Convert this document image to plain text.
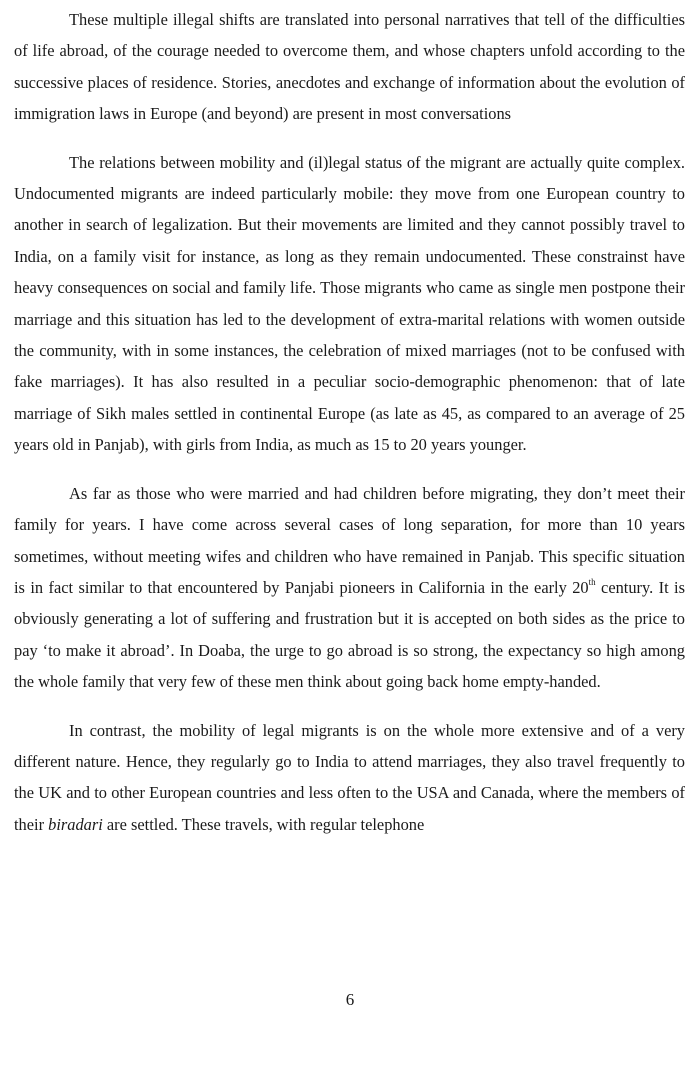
These multiple illegal shifts are translated into personal narratives that tell of the difficulties of life abroad, of the courage needed to overcome them, and whose chapters unfold according to the successive places of residence. Stories, anecdotes and exchange of information about the evolution of immigration laws in Europe (and beyond) are present in most conversations

The relations between mobility and (il)legal status of the migrant are actually quite complex. Undocumented migrants are indeed particularly mobile: they move from one European country to another in search of legalization. But their movements are limited and they cannot possibly travel to India, on a family visit for instance, as long as they remain undocumented. These constrainst have heavy consequences on social and family life. Those migrants who came as single men postpone their marriage and this situation has led to the development of extra-marital relations with women outside the community, with in some instances, the celebration of mixed marriages (not to be confused with fake marriages). It has also resulted in a peculiar socio-demographic phenomenon: that of late marriage of Sikh males settled in continental Europe (as late as 45, as compared to an average of 25 years old in Panjab), with girls from India, as much as 15 to 20 years younger.

As far as those who were married and had children before migrating, they don’t meet their family for years. I have come across several cases of long separation, for more than 10 years sometimes, without meeting wifes and children who have remained in Panjab. This specific situation is in fact similar to that encountered by Panjabi pioneers in California in the early 20th century. It is obviously generating a lot of suffering and frustration but it is accepted on both sides as the price to pay ‘to make it abroad’. In Doaba, the urge to go abroad is so strong, the expectancy so high among the whole family that very few of these men think about going back home empty-handed.

In contrast, the mobility of legal migrants is on the whole more extensive and of a very different nature. Hence, they regularly go to India to attend marriages, they also travel frequently to the UK and to other European countries and less often to the USA and Canada, where the members of their biradari are settled. These travels, with regular telephone

6
